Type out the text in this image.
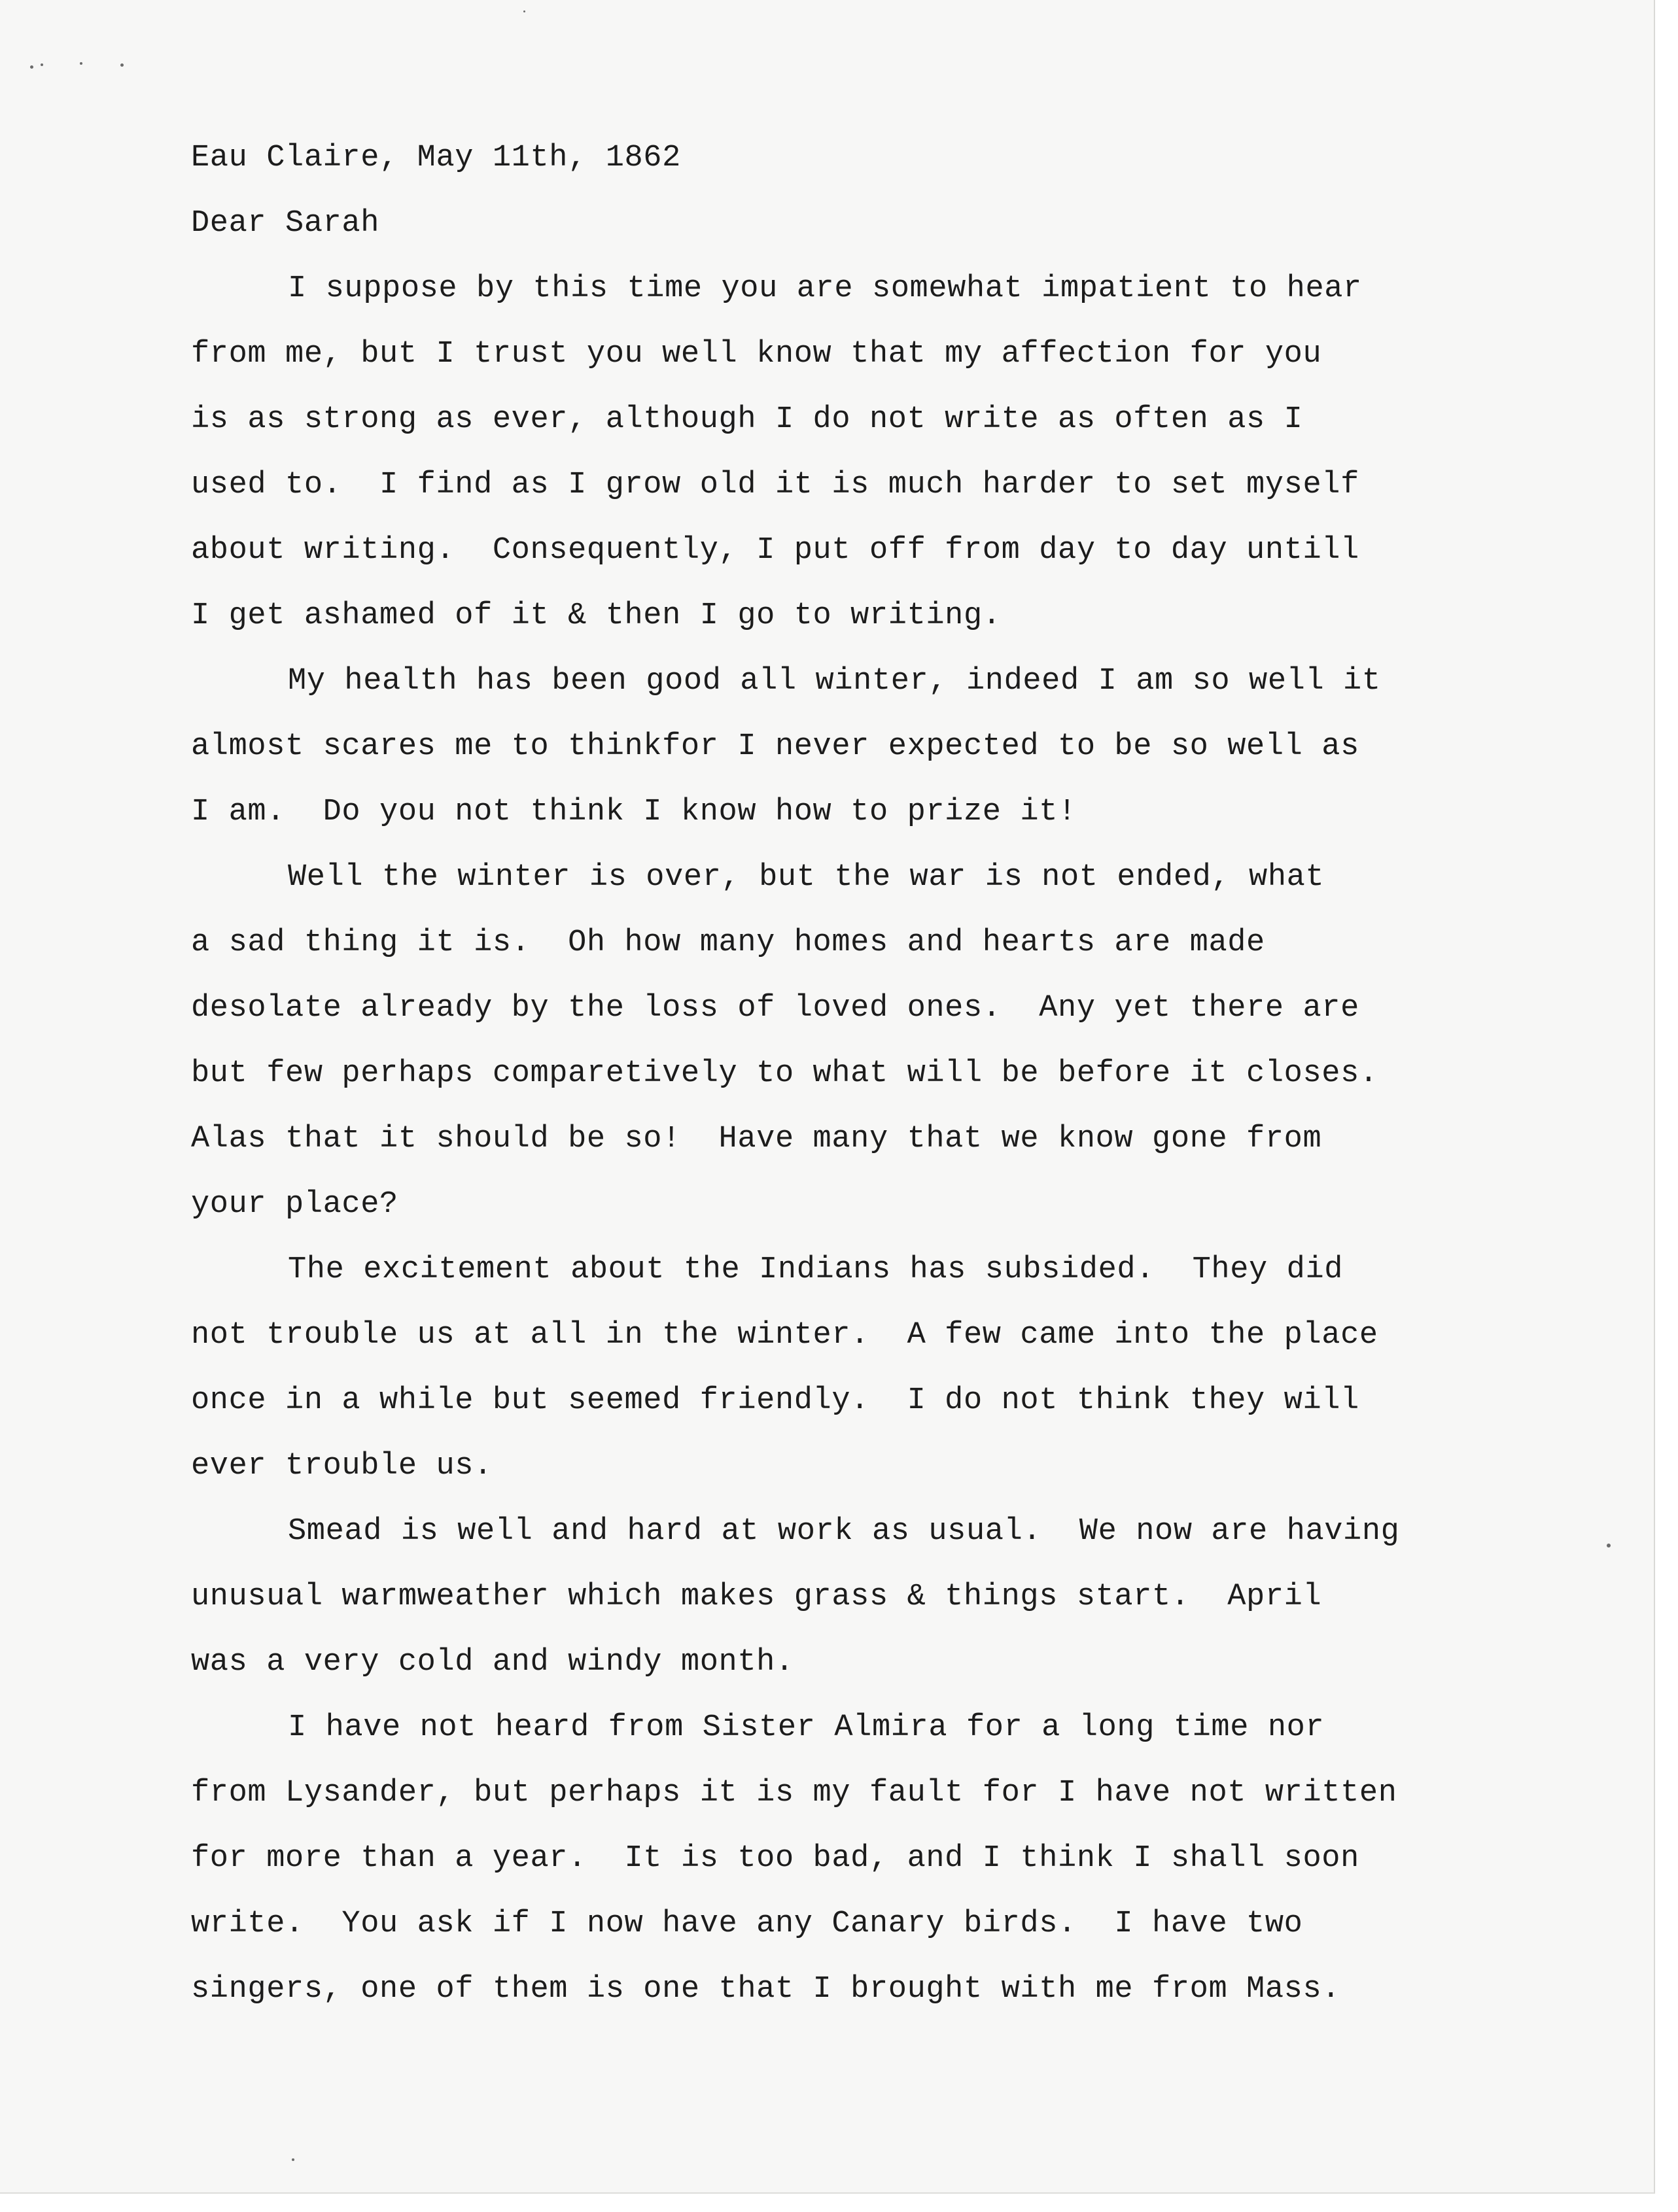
Eau Claire, May 11th, 1862
Dear Sarah
I suppose by this time you are somewhat impatient to hear
from me, but I trust you well know that my affection for you
is as strong as ever, although I do not write as often as I
used to.  I find as I grow old it is much harder to set myself
about writing.  Consequently, I put off from day to day untill
I get ashamed of it & then I go to writing.
My health has been good all winter, indeed I am so well it
almost scares me to thinkfor I never expected to be so well as
I am.  Do you not think I know how to prize it!
Well the winter is over, but the war is not ended, what
a sad thing it is.  Oh how many homes and hearts are made
desolate already by the loss of loved ones.  Any yet there are
but few perhaps comparetively to what will be before it closes.
Alas that it should be so!  Have many that we know gone from
your place?
The excitement about the Indians has subsided.  They did
not trouble us at all in the winter.  A few came into the place
once in a while but seemed friendly.  I do not think they will
ever trouble us.
Smead is well and hard at work as usual.  We now are having
unusual warmweather which makes grass & things start.  April
was a very cold and windy month.
I have not heard from Sister Almira for a long time nor
from Lysander, but perhaps it is my fault for I have not written
for more than a year.  It is too bad, and I think I shall soon
write.  You ask if I now have any Canary birds.  I have two
singers, one of them is one that I brought with me from Mass.
